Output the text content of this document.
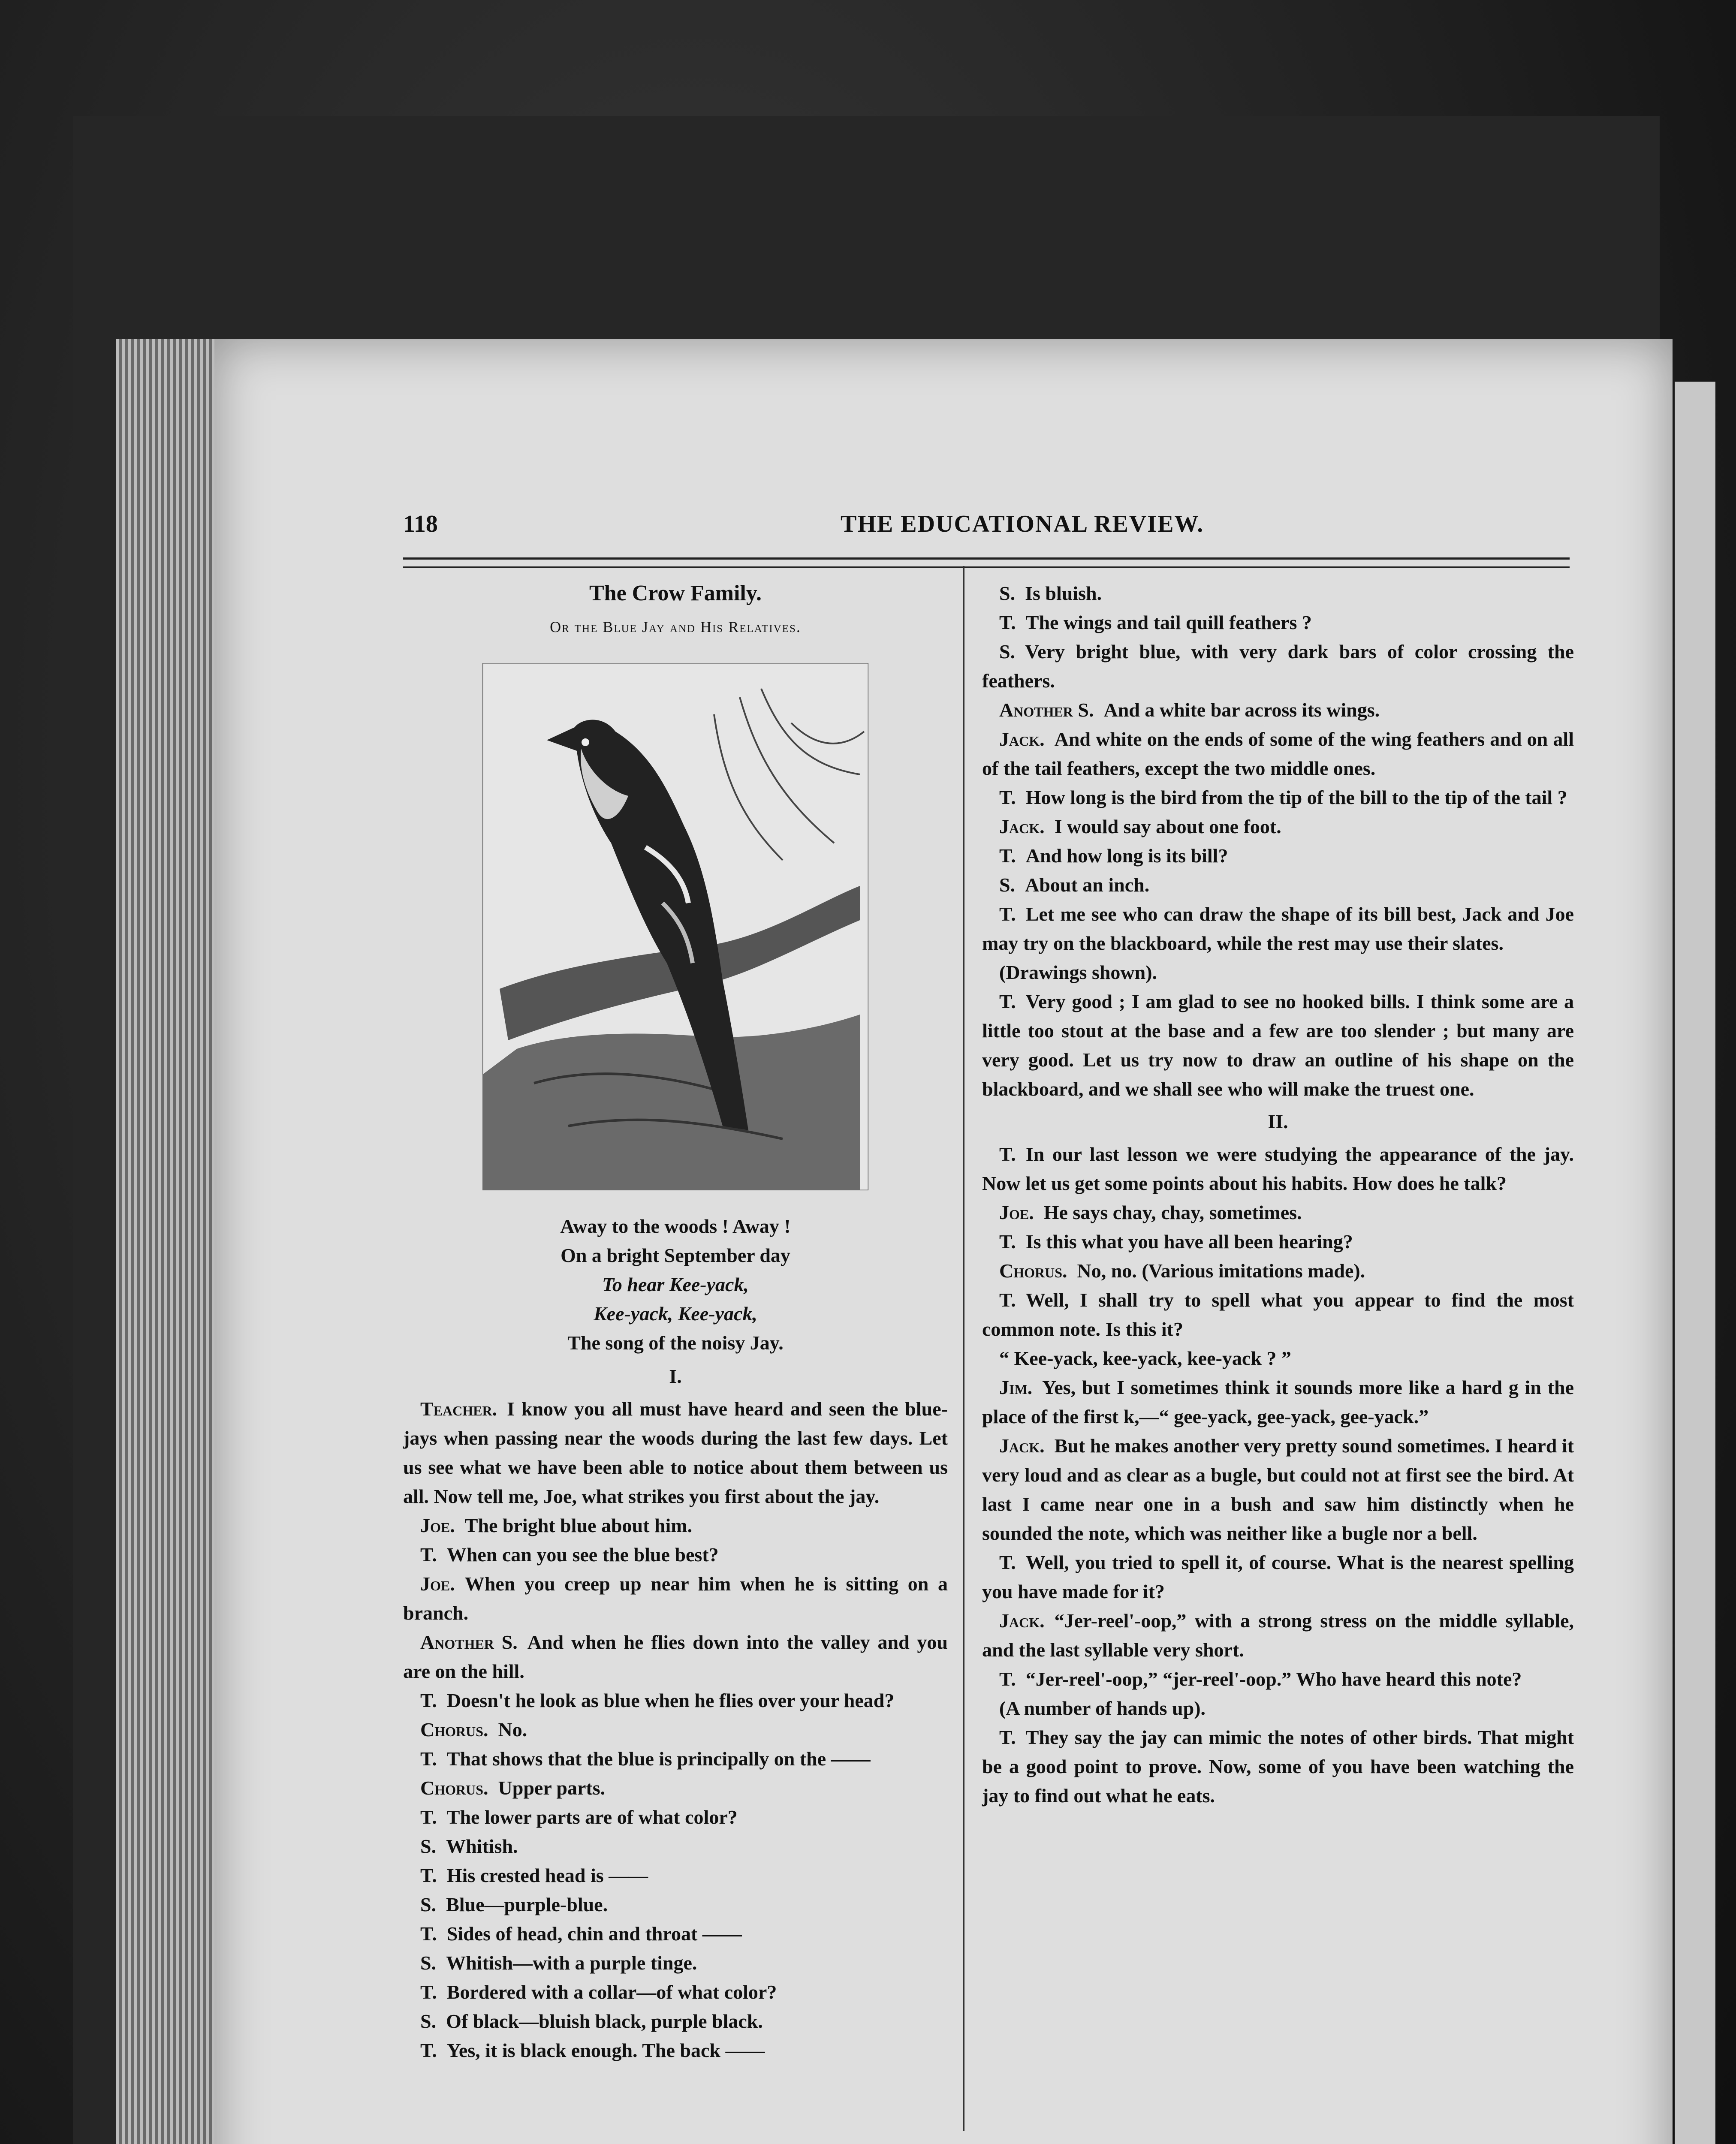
118	THE EDUCATIONAL REVIEW.
The Crow Family.
Or the Blue Jay and His Relatives.
Away to the woods ! Away !
On a bright September day
To hear Kee-yack,
Kee-yack, Kee-yack,
The song of the noisy Jay.
I.

Teacher.  I know you all must have heard and seen the blue-jays when passing near the woods during the last few days. Let us see what we have been able to notice about them between us all. Now tell me, Joe, what strikes you first about the jay.

Joe.  The bright blue about him.

T.  When can you see the blue best?

Joe.  When you creep up near him when he is sitting on a branch.

Another S.  And when he flies down into the valley and you are on the hill.

T.  Doesn't he look as blue when he flies over your head?

Chorus.  No.

T.  That shows that the blue is principally on the ——

Chorus.  Upper parts.

T.  The lower parts are of what color?

S.  Whitish.

T.  His crested head is ——

S.  Blue—purple-blue.

T.  Sides of head, chin and throat ——

S.  Whitish—with a purple tinge.

T.  Bordered with a collar—of what color?

S.  Of black—bluish black, purple black.

T.  Yes, it is black enough. The back ——

S.  Is bluish.

T.  The wings and tail quill feathers ?

S.  Very bright blue, with very dark bars of color crossing the feathers.

Another S.  And a white bar across its wings.

Jack.  And white on the ends of some of the wing feathers and on all of the tail feathers, except the two middle ones.

T.  How long is the bird from the tip of the bill to the tip of the tail ?

Jack.  I would say about one foot.

T.  And how long is its bill?

S.  About an inch.

T.  Let me see who can draw the shape of its bill best, Jack and Joe may try on the blackboard, while the rest may use their slates.

(Drawings shown).

T.  Very good ; I am glad to see no hooked bills. I think some are a little too stout at the base and a few are too slender ; but many are very good. Let us try now to draw an outline of his shape on the blackboard, and we shall see who will make the truest one.

II.

T.  In our last lesson we were studying the appearance of the jay. Now let us get some points about his habits. How does he talk?

Joe.  He says chay, chay, sometimes.

T.  Is this what you have all been hearing?

Chorus.  No, no. (Various imitations made).

T.  Well, I shall try to spell what you appear to find the most common note. Is this it?

“ Kee-yack, kee-yack, kee-yack ? ”

Jim.  Yes, but I sometimes think it sounds more like a hard g in the place of the first k,—“ gee-yack, gee-yack, gee-yack.”

Jack.  But he makes another very pretty sound sometimes. I heard it very loud and as clear as a bugle, but could not at first see the bird. At last I came near one in a bush and saw him distinctly when he sounded the note, which was neither like a bugle nor a bell.

T.  Well, you tried to spell it, of course. What is the nearest spelling you have made for it?

Jack.  “Jer-reel'-oop,” with a strong stress on the middle syllable, and the last syllable very short.

T.  “Jer-reel'-oop,” “jer-reel'-oop.” Who have heard this note?

(A number of hands up).

T.  They say the jay can mimic the notes of other birds. That might be a good point to prove. Now, some of you have been watching the jay to find out what he eats.
